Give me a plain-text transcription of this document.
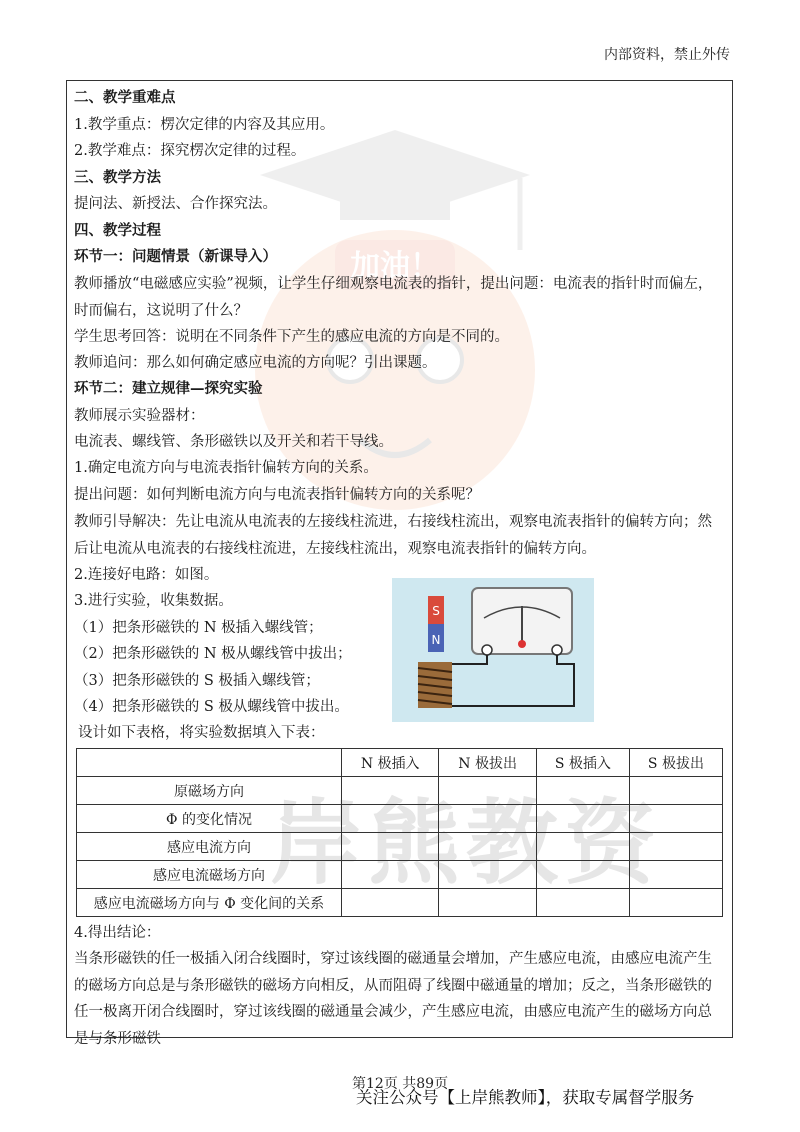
内部资料，禁止外传
加油！
岸熊教资
二、教学重难点
1.教学重点：楞次定律的内容及其应用。
2.教学难点：探究楞次定律的过程。
三、教学方法
提问法、新授法、合作探究法。
四、教学过程
环节一：问题情景（新课导入）
教师播放“电磁感应实验”视频，让学生仔细观察电流表的指针，提出问题：电流表的指针时而偏左，时而偏右，这说明了什么？
学生思考回答：说明在不同条件下产生的感应电流的方向是不同的。
教师追问：那么如何确定感应电流的方向呢？引出课题。
环节二：建立规律—探究实验
教师展示实验器材：
电流表、螺线管、条形磁铁以及开关和若干导线。
1.确定电流方向与电流表指针偏转方向的关系。
提出问题：如何判断电流方向与电流表指针偏转方向的关系呢？
教师引导解决：先让电流从电流表的左接线柱流进，右接线柱流出，观察电流表指针的偏转方向；然后让电流从电流表的右接线柱流进，左接线柱流出，观察电流表指针的偏转方向。
2.连接好电路：如图。
3.进行实验，收集数据。
（1）把条形磁铁的 N 极插入螺线管；
（2）把条形磁铁的 N 极从螺线管中拔出；
（3）把条形磁铁的 S 极插入螺线管；
（4）把条形磁铁的 S 极从螺线管中拔出。
设计如下表格，将实验数据填入下表：
4.得出结论：
当条形磁铁的任一极插入闭合线圈时，穿过该线圈的磁通量会增加，产生感应电流，由感应电流产生的磁场方向总是与条形磁铁的磁场方向相反，从而阻碍了线圈中磁通量的增加；反之，当条形磁铁的任一极离开闭合线圈时，穿过该线圈的磁通量会减少，产生感应电流，由感应电流产生的磁场方向总是与条形磁铁
S
N
	N 极插入	N 极拔出	S 极插入	S 极拔出
原磁场方向				
Φ 的变化情况				
感应电流方向				
感应电流磁场方向				
感应电流磁场方向与 Φ 变化间的关系				
第12页 共89页
关注公众号【上岸熊教师】，获取专属督学服务
